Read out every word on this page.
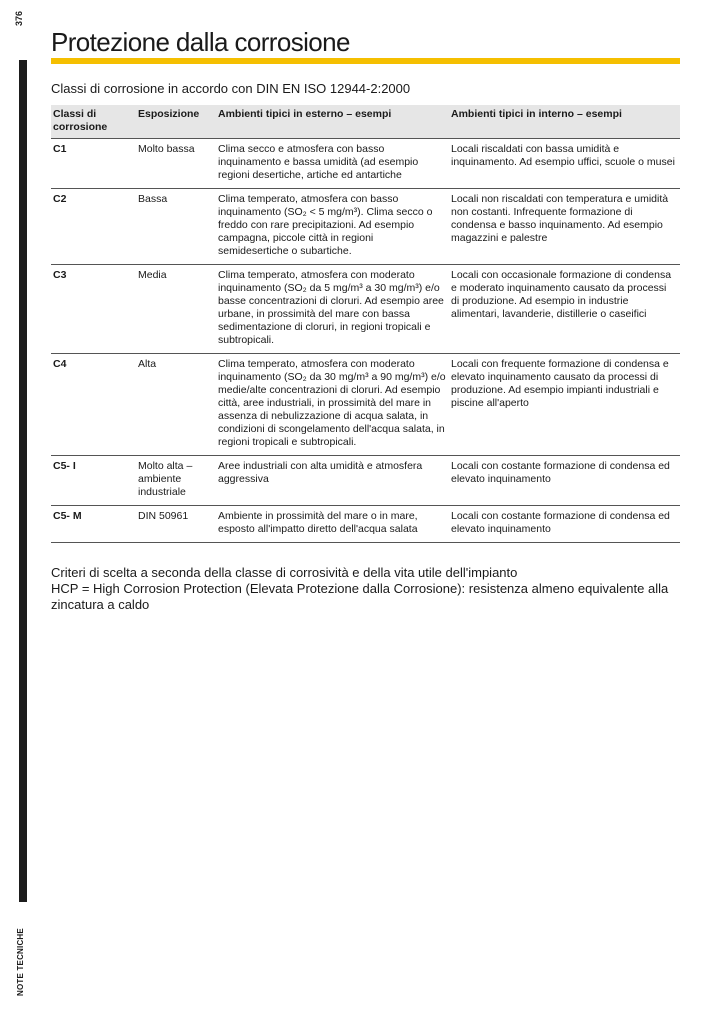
376
NOTE TECNICHE
Protezione dalla corrosione
Classi di corrosione in accordo con DIN EN ISO 12944-2:2000
Classi di corrosione	Esposizione	Ambienti tipici in esterno – esempi	Ambienti tipici in interno – esempi
C1	Molto bassa	Clima secco e atmosfera con basso inquinamento e bassa umidità (ad esempio regioni desertiche, artiche ed antartiche	Locali riscaldati con bassa umidità e inquinamento. Ad esempio uffici, scuole o musei
C2	Bassa	Clima temperato, atmosfera con basso inquinamento (SO₂ < 5 mg/m³). Clima secco o freddo con rare precipitazioni. Ad esempio campagna, piccole città in regioni semidesertiche o subartiche.	Locali non riscaldati con temperatura e umidità non costanti. Infrequente formazione di condensa e basso inquinamento. Ad esempio magazzini e palestre
C3	Media	Clima temperato, atmosfera con moderato inquinamento (SO₂ da 5 mg/m³ a 30 mg/m³) e/o basse concentrazioni di cloruri. Ad esempio aree urbane, in prossimità del mare con bassa sedimentazione di cloruri, in regioni tropicali e subtropicali.	Locali con occasionale formazione di condensa e moderato inquinamento causato da processi di produzione. Ad esempio in industrie alimentari, lavanderie, distillerie o caseifici
C4	Alta	Clima temperato, atmosfera con moderato inquinamento (SO₂ da 30 mg/m³ a 90 mg/m³) e/o medie/alte concentrazioni di cloruri. Ad esempio città, aree industriali, in prossimità del mare in assenza di nebulizzazione di acqua salata, in condizioni di scongelamento dell'acqua salata, in regioni tropicali e subtropicali.	Locali con frequente formazione di condensa e elevato inquinamento causato da processi di produzione. Ad esempio impianti industriali e piscine all'aperto
C5- I	Molto alta – ambiente industriale	Aree industriali con alta umidità e atmosfera aggressiva	Locali con costante formazione di condensa ed elevato inquinamento
C5- M	DIN 50961	Ambiente in prossimità del mare o in mare, esposto all'impatto diretto dell'acqua salata	Locali con costante formazione di condensa ed elevato inquinamento

Criteri di scelta a seconda della classe di corrosività e della vita utile dell'impianto

HCP = High Corrosion Protection (Elevata Protezione dalla Corrosione): resistenza almeno equivalente alla zincatura a caldo
